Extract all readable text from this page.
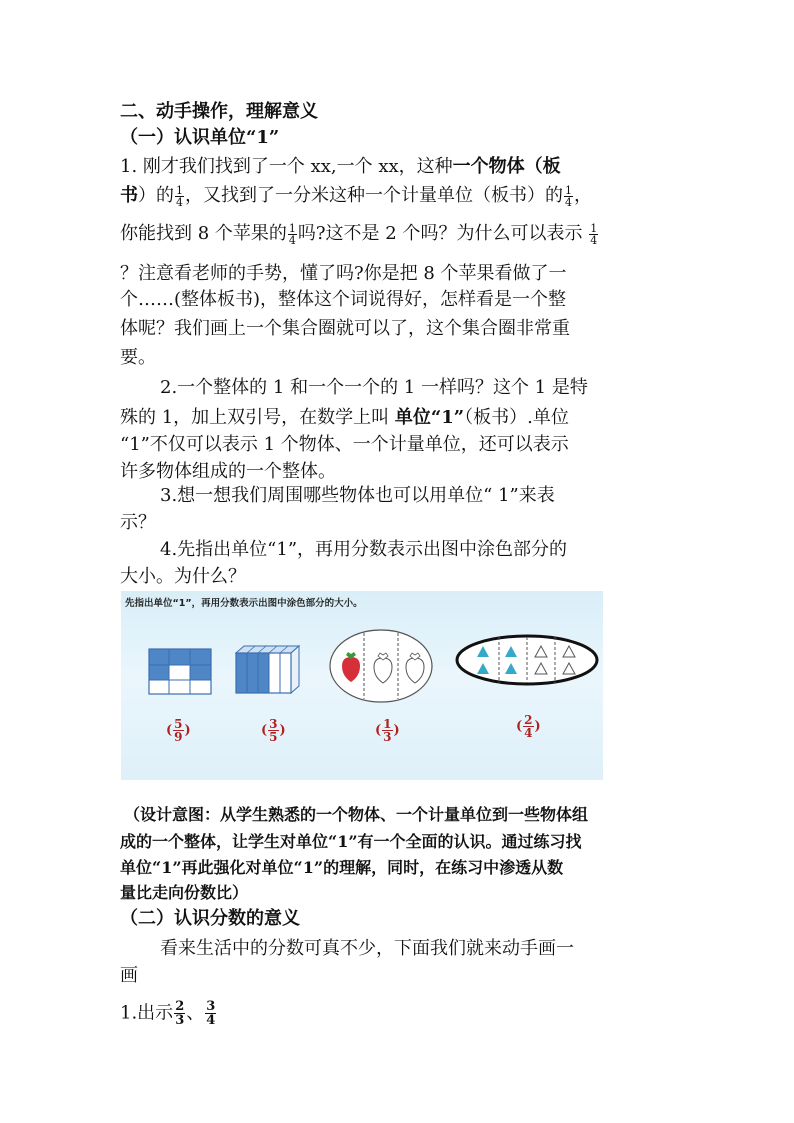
二、动手操作，理解意义
（一）认识单位“1”
1. 刚才我们找到了一个 xx,一个 xx，这种一个物体（板
书）的 $\frac{1}{4}$ ，又找到了一分米这种一个计量单位（板书）的 $\frac{1}{4}$ ，
你能找到 8 个苹果的 $\frac{1}{4}$ 吗?这不是 2 个吗？为什么可以表示 $\frac{1}{4}$
？注意看老师的手势，懂了吗?你是把 8 个苹果看做了一
个……(整体板书)，整体这个词说得好，怎样看是一个整
体呢？我们画上一个集合圈就可以了，这个集合圈非常重
要。
2.一个整体的 1 和一个一个的 1 一样吗？这个 1 是特
殊的 1，加上双引号，在数学上叫 单位“1”（板书）.单位
“1”不仅可以表示 1 个物体、一个计量单位，还可以表示
许多物体组成的一个整体。
3.想一想我们周围哪些物体也可以用单位“ 1”来表
示？
4.先指出单位“1”，再用分数表示出图中涂色部分的
大小。为什么？
先指出单位“1”，再用分数表示出图中涂色部分的大小。
( $\frac{5}{9}$ )	( $\frac{3}{5}$ )	( $\frac{1}{3}$ )	( $\frac{2}{4}$ )
（设计意图：从学生熟悉的一个物体、一个计量单位到一些物体组
成的一个整体，让学生对单位“1”有一个全面的认识。通过练习找
单位“1”再此强化对单位“1”的理解，同时，在练习中渗透从数
量比走向份数比）
（二）认识分数的意义
看来生活中的分数可真不少，下面我们就来动手画一
画
1.出示 $\frac{2}{3}$ 、 $\frac{3}{4}$
